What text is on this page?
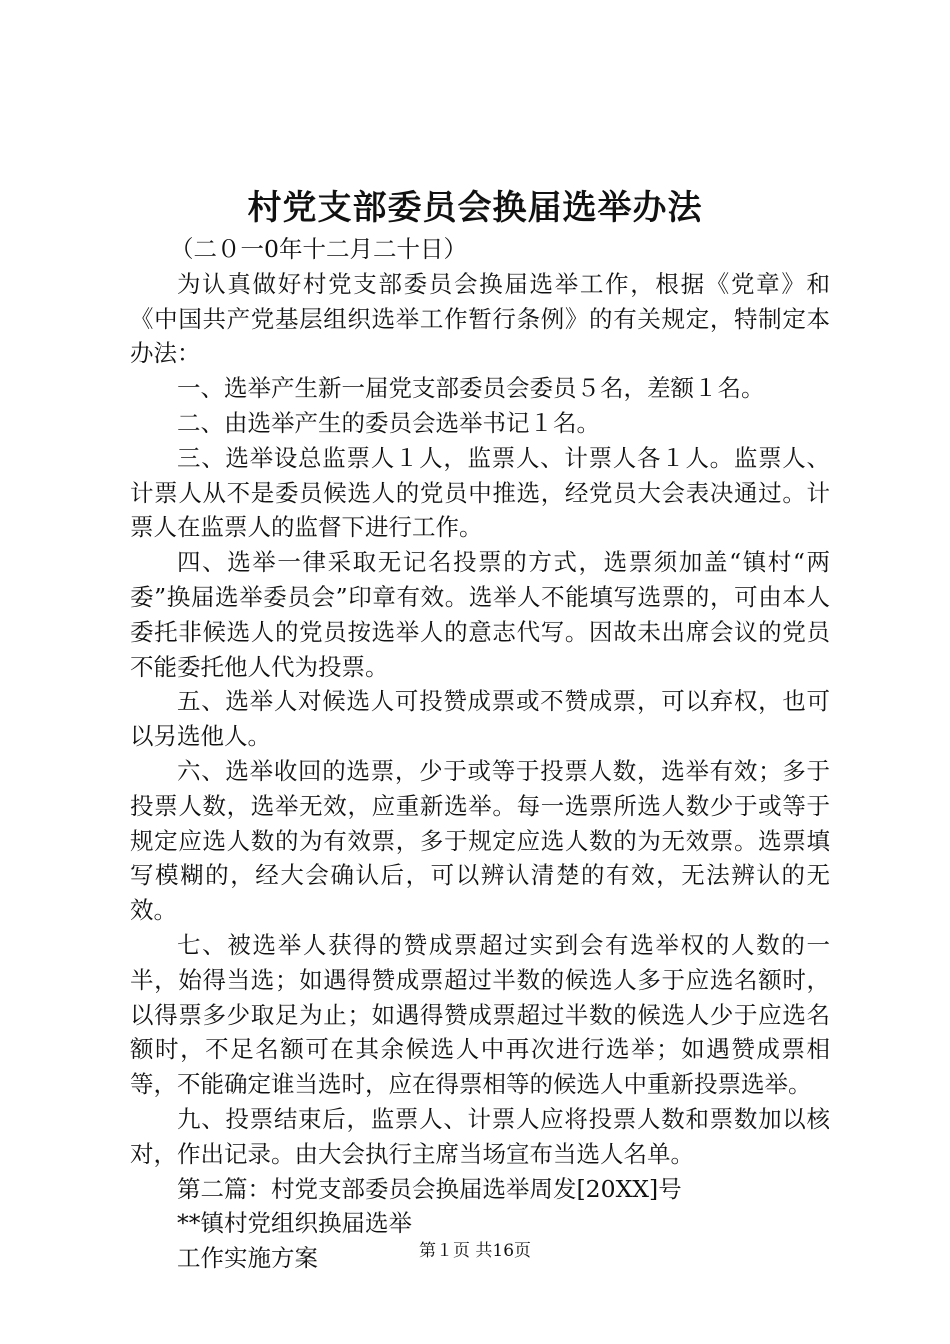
村党支部委员会换届选举办法

（二０一0年十二月二十日）

为认真做好村党支部委员会换届选举工作，根据《党章》和《中国共产党基层组织选举工作暂行条例》的有关规定，特制定本办法：

一、选举产生新一届党支部委员会委员５名，差额１名。

二、由选举产生的委员会选举书记１名。

三、选举设总监票人１人，监票人、计票人各１人。监票人、计票人从不是委员候选人的党员中推选，经党员大会表决通过。计票人在监票人的监督下进行工作。

四、选举一律采取无记名投票的方式，选票须加盖“镇村“两委”换届选举委员会”印章有效。选举人不能填写选票的，可由本人委托非候选人的党员按选举人的意志代写。因故未出席会议的党员不能委托他人代为投票。

五、选举人对候选人可投赞成票或不赞成票，可以弃权，也可以另选他人。

六、选举收回的选票，少于或等于投票人数，选举有效；多于投票人数，选举无效，应重新选举。每一选票所选人数少于或等于规定应选人数的为有效票，多于规定应选人数的为无效票。选票填写模糊的，经大会确认后，可以辨认清楚的有效，无法辨认的无效。

七、被选举人获得的赞成票超过实到会有选举权的人数的一半，始得当选；如遇得赞成票超过半数的候选人多于应选名额时，以得票多少取足为止；如遇得赞成票超过半数的候选人少于应选名额时，不足名额可在其余候选人中再次进行选举；如遇赞成票相等，不能确定谁当选时，应在得票相等的候选人中重新投票选举。

九、投票结束后，监票人、计票人应将投票人数和票数加以核对，作出记录。由大会执行主席当场宣布当选人名单。

第二篇：村党支部委员会换届选举周发[20XX]号

**镇村党组织换届选举

工作实施方案	第１页 共16页
